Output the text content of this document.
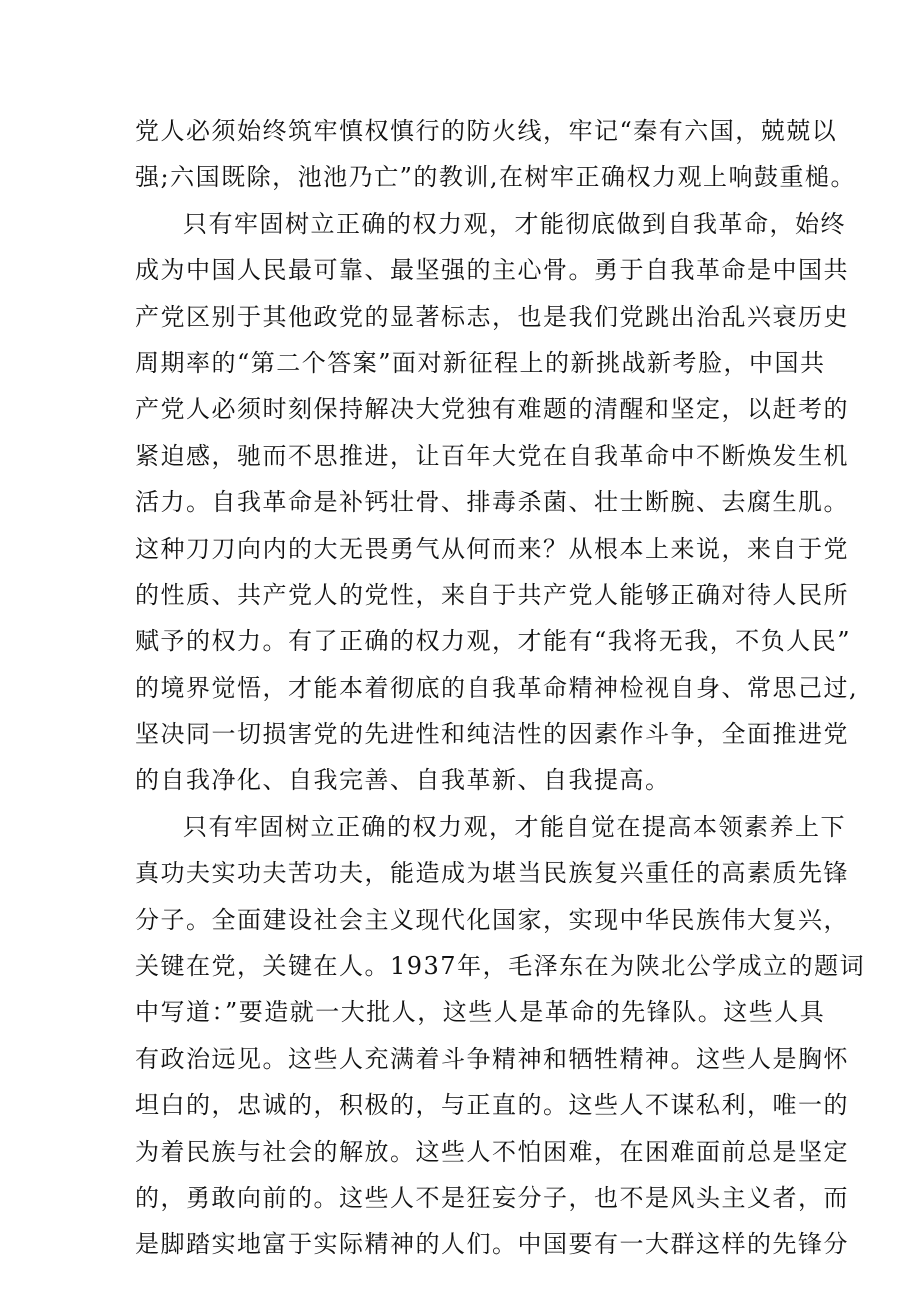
党人必须始终筑牢慎权慎行的防火线，牢记“秦有六国，兢兢以
强;六国既除，池池乃亡”的教训,在树牢正确权力观上响鼓重槌。
只有牢固树立正确的权力观，才能彻底做到自我革命，始终
成为中国人民最可靠、最坚强的主心骨。勇于自我革命是中国共
产党区别于其他政党的显著标志，也是我们党跳出治乱兴衰历史
周期率的“第二个答案”面对新征程上的新挑战新考脸，中国共
产党人必须时刻保持解决大党独有难题的清醒和坚定，以赶考的
紧迫感，驰而不思推进，让百年大党在自我革命中不断焕发生机
活力。自我革命是补钙壮骨、排毒杀菌、壮士断腕、去腐生肌。
这种刀刀向内的大无畏勇气从何而来？从根本上来说，来自于党
的性质、共产党人的党性，来自于共产党人能够正确对待人民所
赋予的权力。有了正确的权力观，才能有“我将无我，不负人民”
的境界觉悟，才能本着彻底的自我革命精神检视自身、常思己过,
坚决同一切损害党的先进性和纯洁性的因素作斗争，全面推进党
的自我净化、自我完善、自我革新、自我提高。
只有牢固树立正确的权力观，才能自觉在提高本领素养上下
真功夫实功夫苦功夫，能造成为堪当民族复兴重任的高素质先锋
分子。全面建设社会主义现代化国家，实现中华民族伟大复兴，
关键在党，关键在人。1937年，毛泽东在为陕北公学成立的题词
中写道：”要造就一大批人，这些人是革命的先锋队。这些人具
有政治远见。这些人充满着斗争精神和牺牲精神。这些人是胸怀
坦白的，忠诚的，积极的，与正直的。这些人不谋私利，唯一的
为着民族与社会的解放。这些人不怕困难，在困难面前总是坚定
的，勇敢向前的。这些人不是狂妄分子，也不是风头主义者，而
是脚踏实地富于实际精神的人们。中国要有一大群这样的先锋分
